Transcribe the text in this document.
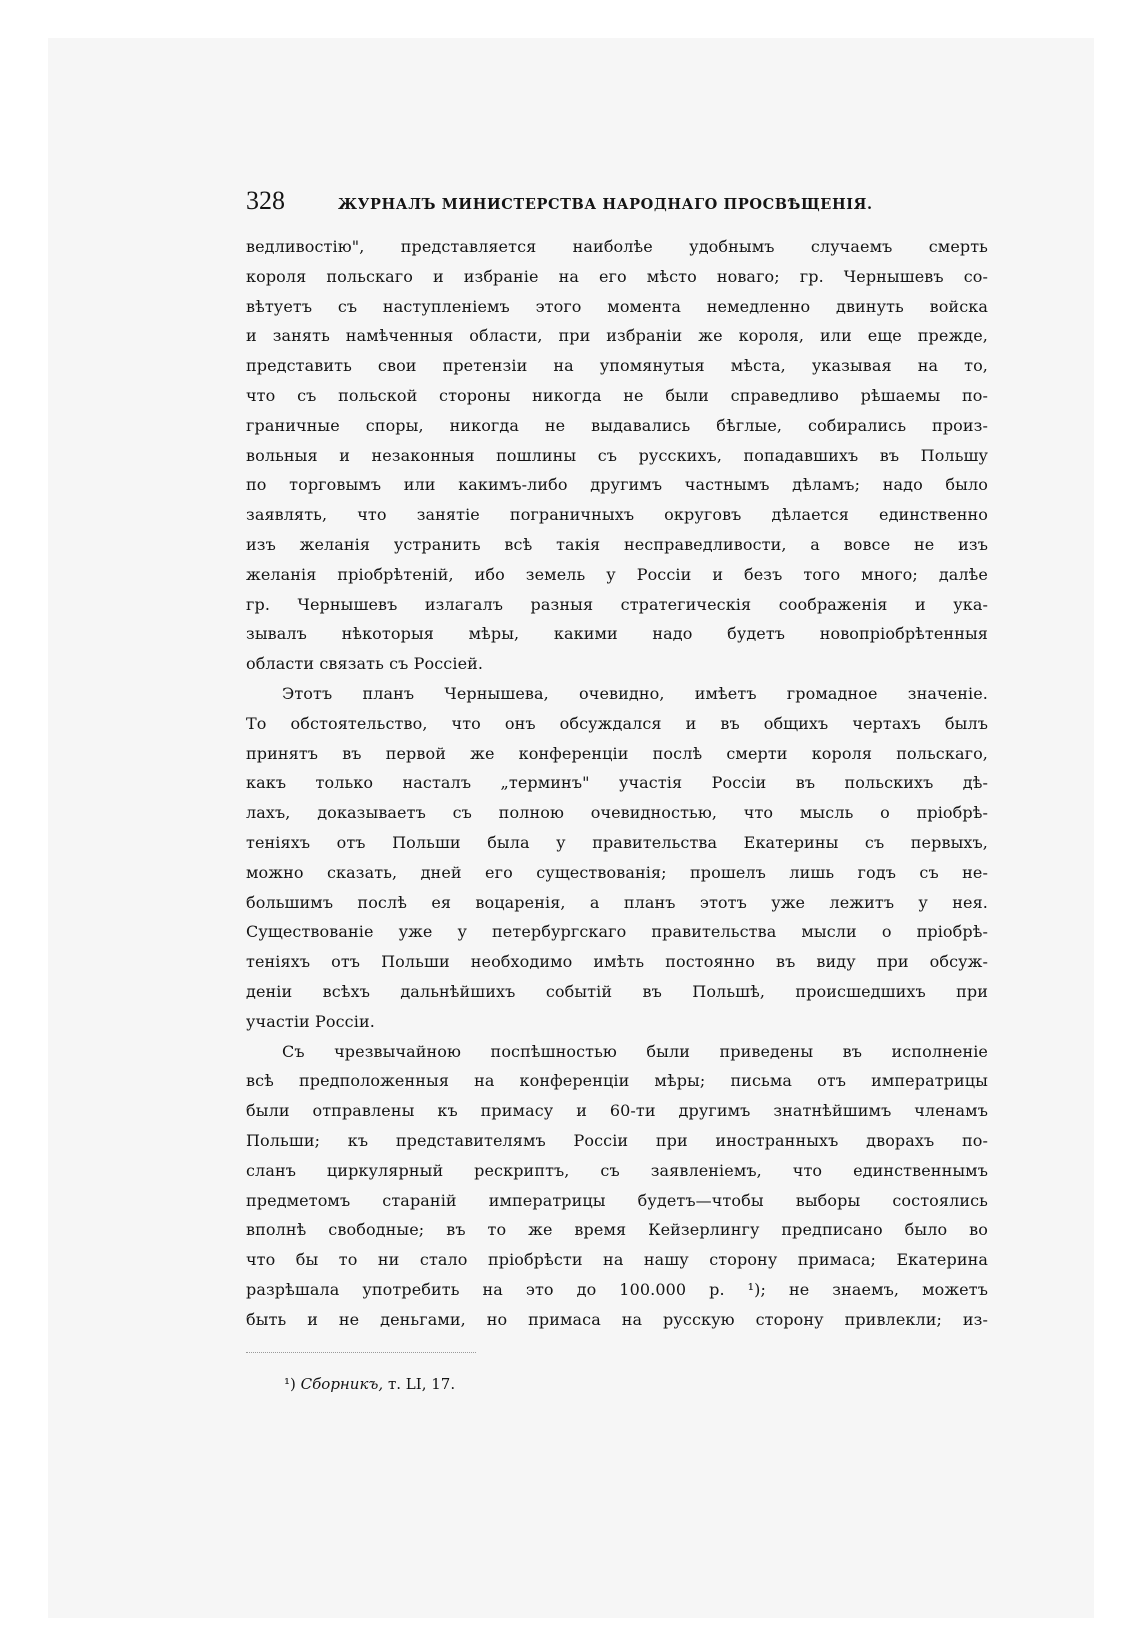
328	ЖУРНАЛЪ МИНИСТЕРСТВА НАРОДНАГО ПРОСВѢЩЕНІЯ.
ведливостію", представляется наиболѣе удобнымъ случаемъ смерть
короля польскаго и избраніе на его мѣсто новаго; гр. Чернышевъ со-
вѣтуетъ съ наступленіемъ этого момента немедленно двинуть войска
и занять намѣченныя области, при избраніи же короля, или еще прежде,
представить свои претензіи на упомянутыя мѣста, указывая на то,
что съ польской стороны никогда не были справедливо рѣшаемы по-
граничные споры, никогда не выдавались бѣглые, собирались произ-
вольныя и незаконныя пошлины съ русскихъ, попадавшихъ въ Польшу
по торговымъ или какимъ-либо другимъ частнымъ дѣламъ; надо было
заявлять, что занятіе пограничныхъ округовъ дѣлается единственно
изъ желанія устранить всѣ такія несправедливости, а вовсе не изъ
желанія пріобрѣтеній, ибо земель у Россіи и безъ того много; далѣе
гр. Чернышевъ излагалъ разныя стратегическія соображенія и ука-
зывалъ нѣкоторыя мѣры, какими надо будетъ новопріобрѣтенныя
области связать съ Россіей.
Этотъ планъ Чернышева, очевидно, имѣетъ громадное значеніе.
То обстоятельство, что онъ обсуждался и въ общихъ чертахъ былъ
принятъ въ первой же конференціи послѣ смерти короля польскаго,
какъ только насталъ „терминъ" участія Россіи въ польскихъ дѣ-
лахъ, доказываетъ съ полною очевидностью, что мысль о пріобрѣ-
теніяхъ отъ Польши была у правительства Екатерины съ первыхъ,
можно сказать, дней его существованія; прошелъ лишь годъ съ не-
большимъ послѣ ея воцаренія, а планъ этотъ уже лежитъ у нея.
Существованіе уже у петербургскаго правительства мысли о пріобрѣ-
теніяхъ отъ Польши необходимо имѣть постоянно въ виду при обсуж-
деніи всѣхъ дальнѣйшихъ событій въ Польшѣ, происшедшихъ при
участіи Россіи.
Съ чрезвычайною поспѣшностью были приведены въ исполненіе
всѣ предположенныя на конференціи мѣры; письма отъ императрицы
были отправлены къ примасу и 60-ти другимъ знатнѣйшимъ членамъ
Польши; къ представителямъ Россіи при иностранныхъ дворахъ по-
сланъ циркулярный рескриптъ, съ заявленіемъ, что единственнымъ
предметомъ стараній императрицы будетъ—чтобы выборы состоялись
вполнѣ свободные; въ то же время Кейзерлингу предписано было во
что бы то ни стало пріобрѣсти на нашу сторону примаса; Екатерина
разрѣшала употребить на это до 100.000 р. ¹); не знаемъ, можетъ
быть и не деньгами, но примаса на русскую сторону привлекли; из-
¹) Сборникъ, т. LI, 17.
